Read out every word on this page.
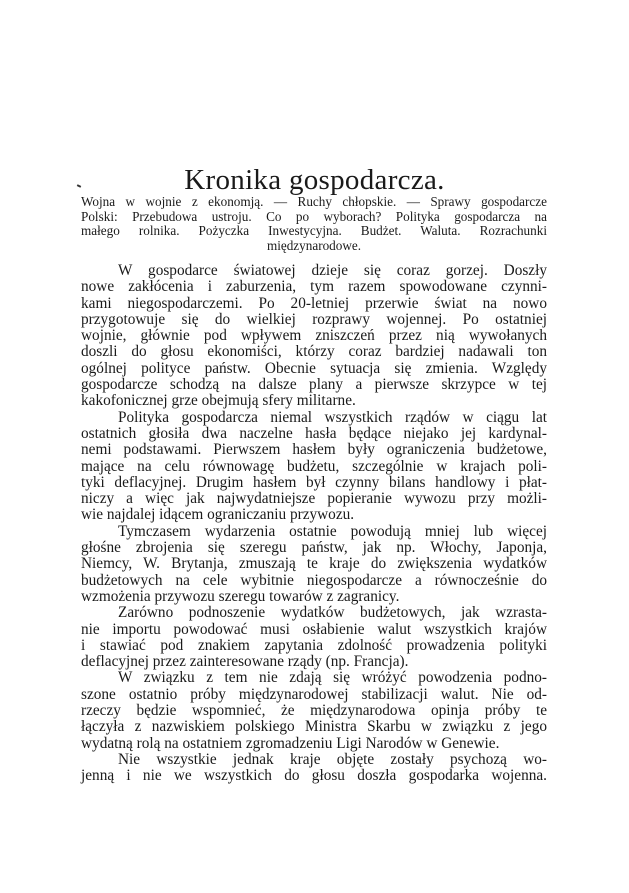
Kronika gospodarcza.
Wojna w wojnie z ekonomją. — Ruchy chłopskie. — Sprawy gospodarcze
Polski: Przebudowa ustroju. Co po wyborach? Polityka gospodarcza na
małego rolnika. Pożyczka Inwestycyjna. Budżet. Waluta. Rozrachunki
międzynarodowe.
W gospodarce światowej dzieje się coraz gorzej. Doszły
nowe zakłócenia i zaburzenia, tym razem spowodowane czynni-
kami niegospodarczemi. Po 20-letniej przerwie świat na nowo
przygotowuje się do wielkiej rozprawy wojennej. Po ostatniej
wojnie, głównie pod wpływem zniszczeń przez nią wywołanych
doszli do głosu ekonomiści, którzy coraz bardziej nadawali ton
ogólnej polityce państw. Obecnie sytuacja się zmienia. Względy
gospodarcze schodzą na dalsze plany a pierwsze skrzypce w tej
kakofonicznej grze obejmują sfery militarne.
Polityka gospodarcza niemal wszystkich rządów w ciągu lat
ostatnich głosiła dwa naczelne hasła będące niejako jej kardynal-
nemi podstawami. Pierwszem hasłem były ograniczenia budżetowe,
mające na celu równowagę budżetu, szczególnie w krajach poli-
tyki deflacyjnej. Drugim hasłem był czynny bilans handlowy i płat-
niczy a więc jak najwydatniejsze popieranie wywozu przy możli-
wie najdalej idącem ograniczaniu przywozu.
Tymczasem wydarzenia ostatnie powodują mniej lub więcej
głośne zbrojenia się szeregu państw, jak np. Włochy, Japonja,
Niemcy, W. Brytanja, zmuszają te kraje do zwiększenia wydatków
budżetowych na cele wybitnie niegospodarcze a równocześnie do
wzmożenia przywozu szeregu towarów z zagranicy.
Zarówno podnoszenie wydatków budżetowych, jak wzrasta-
nie importu powodować musi osłabienie walut wszystkich krajów
i stawiać pod znakiem zapytania zdolność prowadzenia polityki
deflacyjnej przez zainteresowane rządy (np. Francja).
W związku z tem nie zdają się wróżyć powodzenia podno-
szone ostatnio próby międzynarodowej stabilizacji walut. Nie od-
rzeczy będzie wspomnieć, że międzynarodowa opinja próby te
łączyła z nazwiskiem polskiego Ministra Skarbu w związku z jego
wydatną rolą na ostatniem zgromadzeniu Ligi Narodów w Genewie.
Nie wszystkie jednak kraje objęte zostały psychozą wo-
jenną i nie we wszystkich do głosu doszła gospodarka wojenna.
